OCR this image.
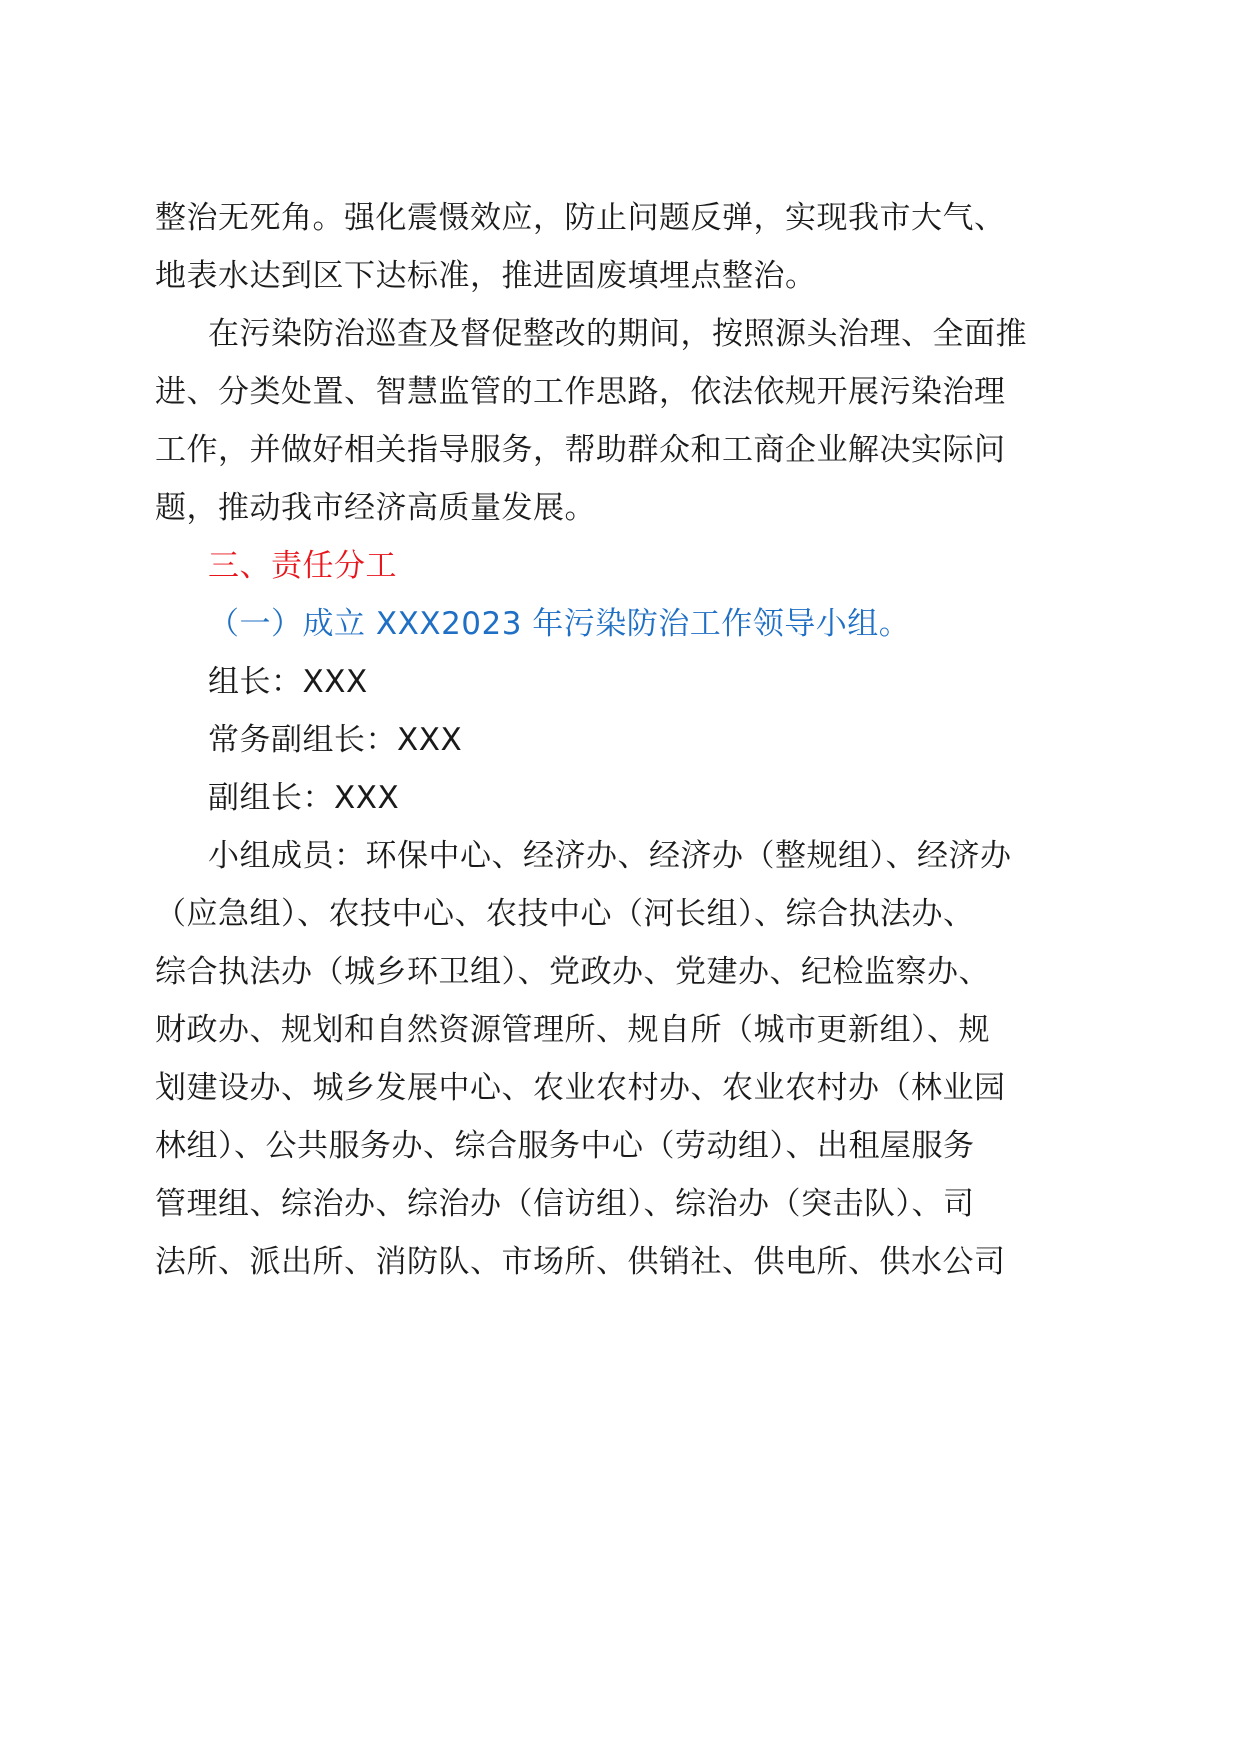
整治无死角。强化震慑效应，防止问题反弹，实现我市大气、
地表水达到区下达标准，推进固废填埋点整治。
在污染防治巡查及督促整改的期间，按照源头治理、全面推
进、分类处置、智慧监管的工作思路，依法依规开展污染治理
工作，并做好相关指导服务，帮助群众和工商企业解决实际问
题，推动我市经济高质量发展。
三、责任分工
（一）成立 XXX2023 年污染防治工作领导小组。
组长：XXX
常务副组长：XXX
副组长：XXX
小组成员：环保中心、经济办、经济办（整规组）、经济办
（应急组）、农技中心、农技中心（河长组）、综合执法办、
综合执法办（城乡环卫组）、党政办、党建办、纪检监察办、
财政办、规划和自然资源管理所、规自所（城市更新组）、规
划建设办、城乡发展中心、农业农村办、农业农村办（林业园
林组）、公共服务办、综合服务中心（劳动组）、出租屋服务
管理组、综治办、综治办（信访组）、综治办（突击队）、司
法所、派出所、消防队、市场所、供销社、供电所、供水公司
